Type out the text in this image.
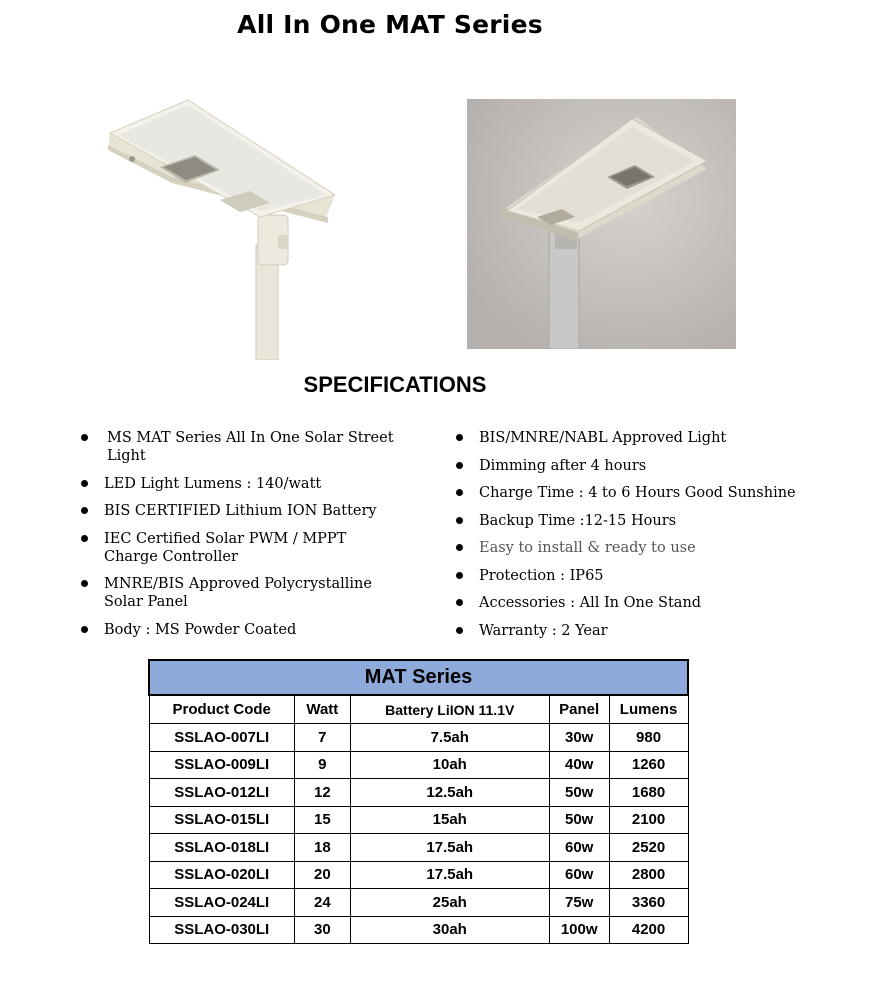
All In One MAT Series
SPECIFICATIONS
MS MAT Series All In One Solar Street Light
LED Light Lumens : 140/watt
BIS CERTIFIED Lithium ION Battery
IEC Certified Solar PWM / MPPT Charge Controller
MNRE/BIS Approved Polycrystalline Solar Panel
Body : MS Powder Coated
BIS/MNRE/NABL Approved Light
Dimming after 4 hours
Charge Time : 4 to 6 Hours Good Sunshine
Backup Time :12-15 Hours
Easy to install & ready to use
Protection : IP65
Accessories : All In One Stand
Warranty : 2 Year
MAT Series				
Product Code	Watt	Battery LiION 11.1V	Panel	Lumens
SSLAO-007LI	7	7.5ah	30w	980
SSLAO-009LI	9	10ah	40w	1260
SSLAO-012LI	12	12.5ah	50w	1680
SSLAO-015LI	15	15ah	50w	2100
SSLAO-018LI	18	17.5ah	60w	2520
SSLAO-020LI	20	17.5ah	60w	2800
SSLAO-024LI	24	25ah	75w	3360
SSLAO-030LI	30	30ah	100w	4200
